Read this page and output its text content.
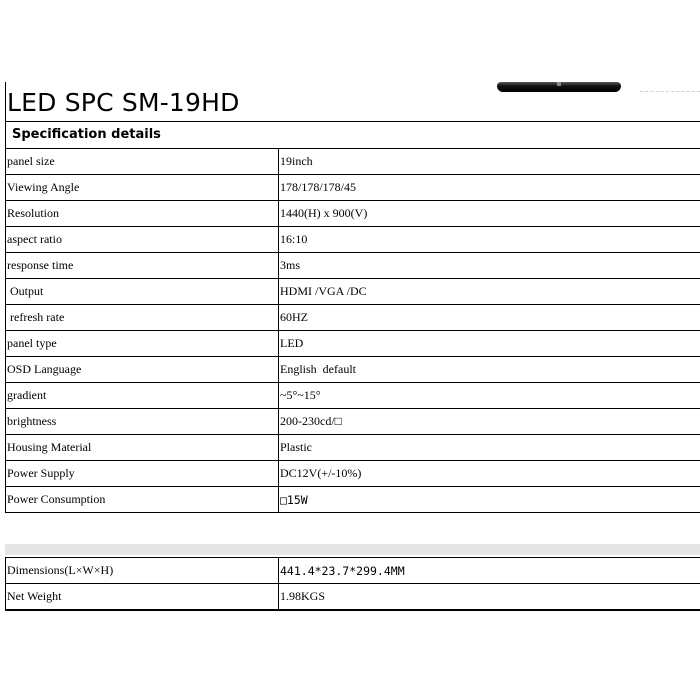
LED SPC SM-19HD
Specification details
panel size	19inch
Viewing Angle	178/178/178/45
Resolution	1440(H) x 900(V)
aspect ratio	16:10
response time	3ms
Output	HDMI /VGA /DC
refresh rate	60HZ
panel type	LED
OSD Language	English  default
gradient	~5°~15°
brightness	200-230cd/□
Housing Material	Plastic
Power Supply	DC12V(+/-10%)
Power Consumption	□15W
Dimensions(L×W×H)	441.4*23.7*299.4MM
Net Weight	1.98KGS
